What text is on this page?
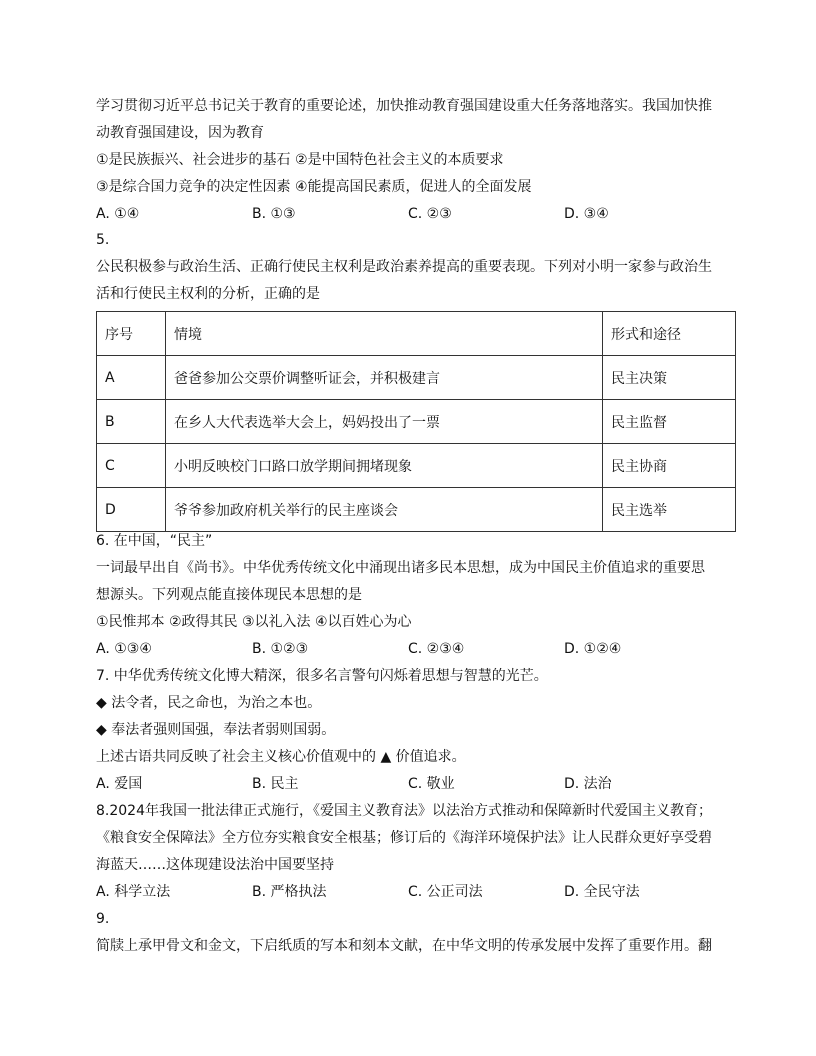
学习贯彻习近平总书记关于教育的重要论述，加快推动教育强国建设重大任务落地落实。我国加快推
动教育强国建设，因为教育
①是民族振兴、社会进步的基石 ②是中国特色社会主义的本质要求
③是综合国力竞争的决定性因素 ④能提高国民素质，促进人的全面发展
A. ①④	B. ①③	C. ②③	D. ③④
5.
公民积极参与政治生活、正确行使民主权利是政治素养提高的重要表现。下列对小明一家参与政治生
活和行使民主权利的分析，正确的是
序号	情境	形式和途径
A	爸爸参加公交票价调整听证会，并积极建言	民主决策
B	在乡人大代表选举大会上，妈妈投出了一票	民主监督
C	小明反映校门口路口放学期间拥堵现象	民主协商
D	爷爷参加政府机关举行的民主座谈会	民主选举
6. 在中国，“民主”
一词最早出自《尚书》。中华优秀传统文化中涌现出诸多民本思想，成为中国民主价值追求的重要思
想源头。下列观点能直接体现民本思想的是
①民惟邦本 ②政得其民 ③以礼入法 ④以百姓心为心
A. ①③④	B. ①②③	C. ②③④	D. ①②④
7. 中华优秀传统文化博大精深，很多名言警句闪烁着思想与智慧的光芒。
◆ 法令者，民之命也，为治之本也。
◆ 奉法者强则国强，奉法者弱则国弱。
上述古语共同反映了社会主义核心价值观中的 ▲ 价值追求。
A. 爱国	B. 民主	C. 敬业	D. 法治
8.2024年我国一批法律正式施行，《爱国主义教育法》以法治方式推动和保障新时代爱国主义教育；
《粮食安全保障法》全方位夯实粮食安全根基；修订后的《海洋环境保护法》让人民群众更好享受碧
海蓝天……这体现建设法治中国要坚持
A. 科学立法	B. 严格执法	C. 公正司法	D. 全民守法
9.
简牍上承甲骨文和金文，下启纸质的写本和刻本文献，在中华文明的传承发展中发挥了重要作用。翻
